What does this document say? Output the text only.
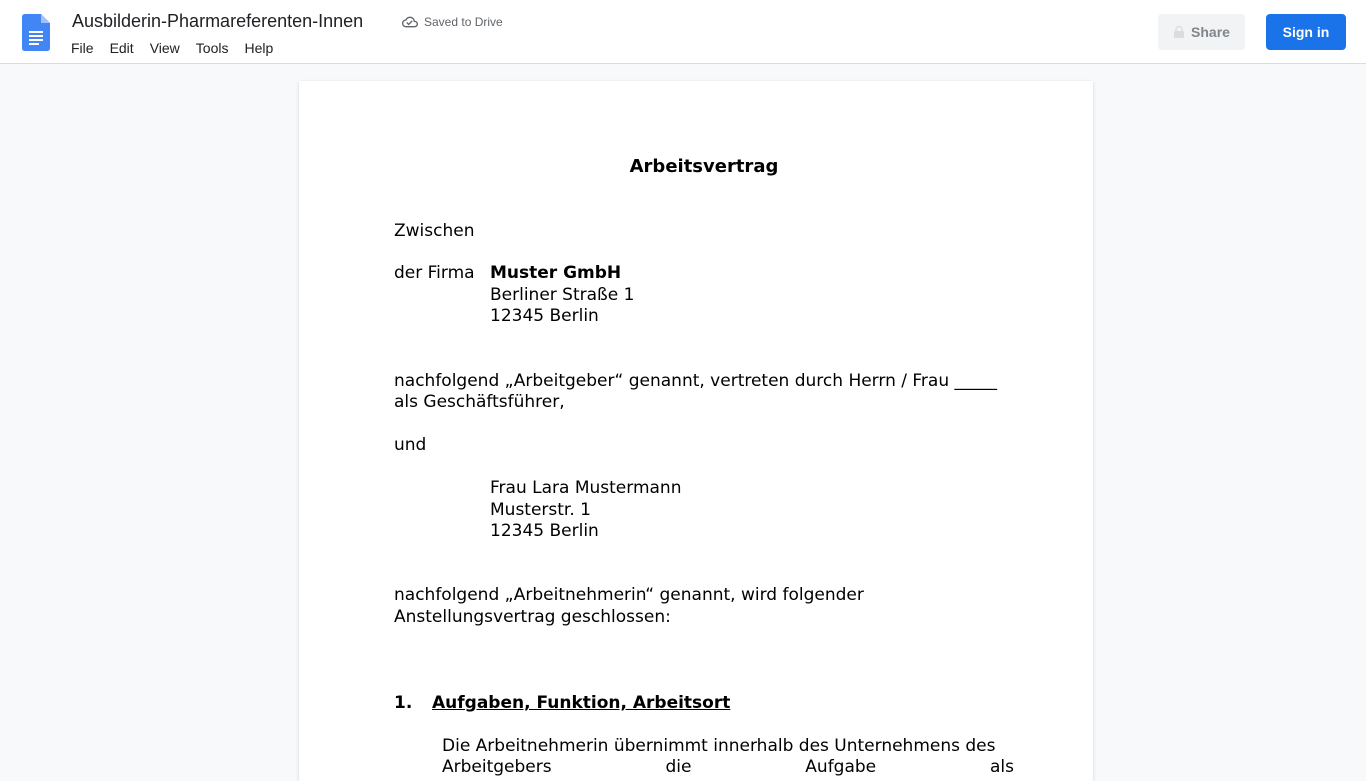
Ausbilderin-Pharmareferenten-Innen	Saved to Drive
File	Edit	View	Tools	Help
Share	Sign in
Arbeitsvertrag
Zwischen
der Firma Muster GmbH
Berliner Straße 1
12345 Berlin
nachfolgend „Arbeitgeber“ genannt, vertreten durch Herrn / Frau _____
als Geschäftsführer,
und
Frau Lara Mustermann
Musterstr. 1
12345 Berlin
nachfolgend „Arbeitnehmerin“ genannt, wird folgender
Anstellungsvertrag geschlossen:
1. Aufgaben, Funktion, Arbeitsort
Die Arbeitnehmerin übernimmt innerhalb des Unternehmens des
Arbeitgebers die Aufgabe als
